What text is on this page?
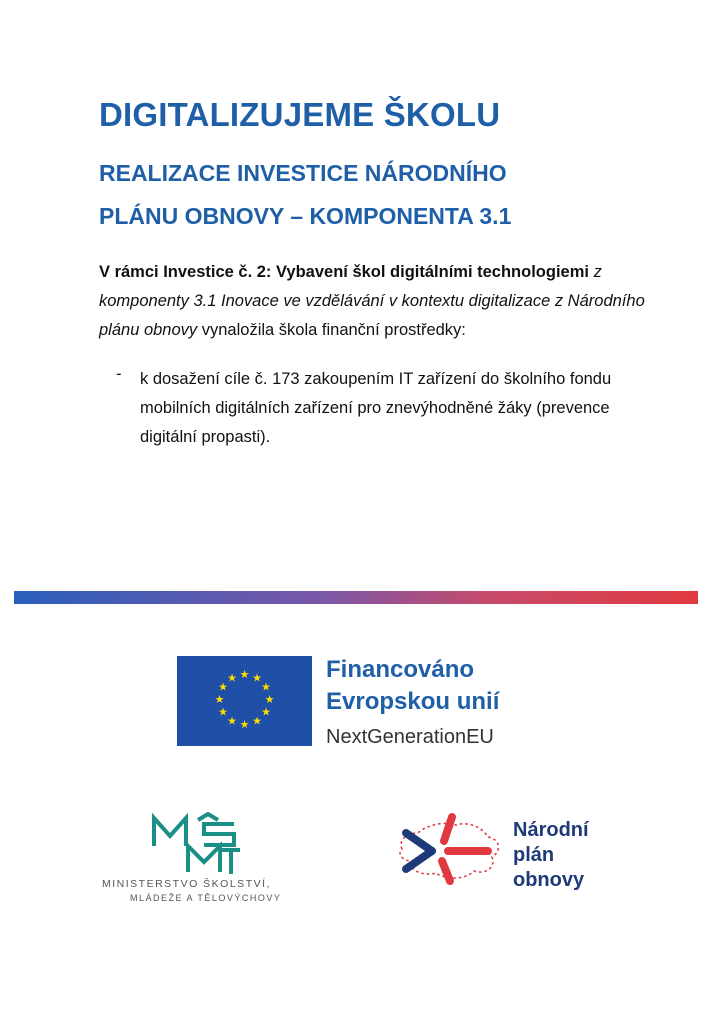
DIGITALIZUJEME ŠKOLU
REALIZACE INVESTICE NÁRODNÍHO
PLÁNU OBNOVY – KOMPONENTA 3.1
V rámci Investice č. 2: Vybavení škol digitálními technologiemi z komponenty 3.1 Inovace ve vzdělávání v kontextu digitalizace z Národního plánu obnovy vynaložila škola finanční prostředky:
- k dosažení cíle č. 173 zakoupením IT zařízení do školního fondu mobilních digitálních zařízení pro znevýhodněné žáky (prevence digitální propasti).
★ ★
★
★
★
★
★
★
★
★
★
★	Financováno
Evropskou unií
NextGenerationEU
MINISTERSTVO ŠKOLSTVÍ,
MLÁDEŽE A TĚLOVÝCHOVY
Národní
plán
obnovy
